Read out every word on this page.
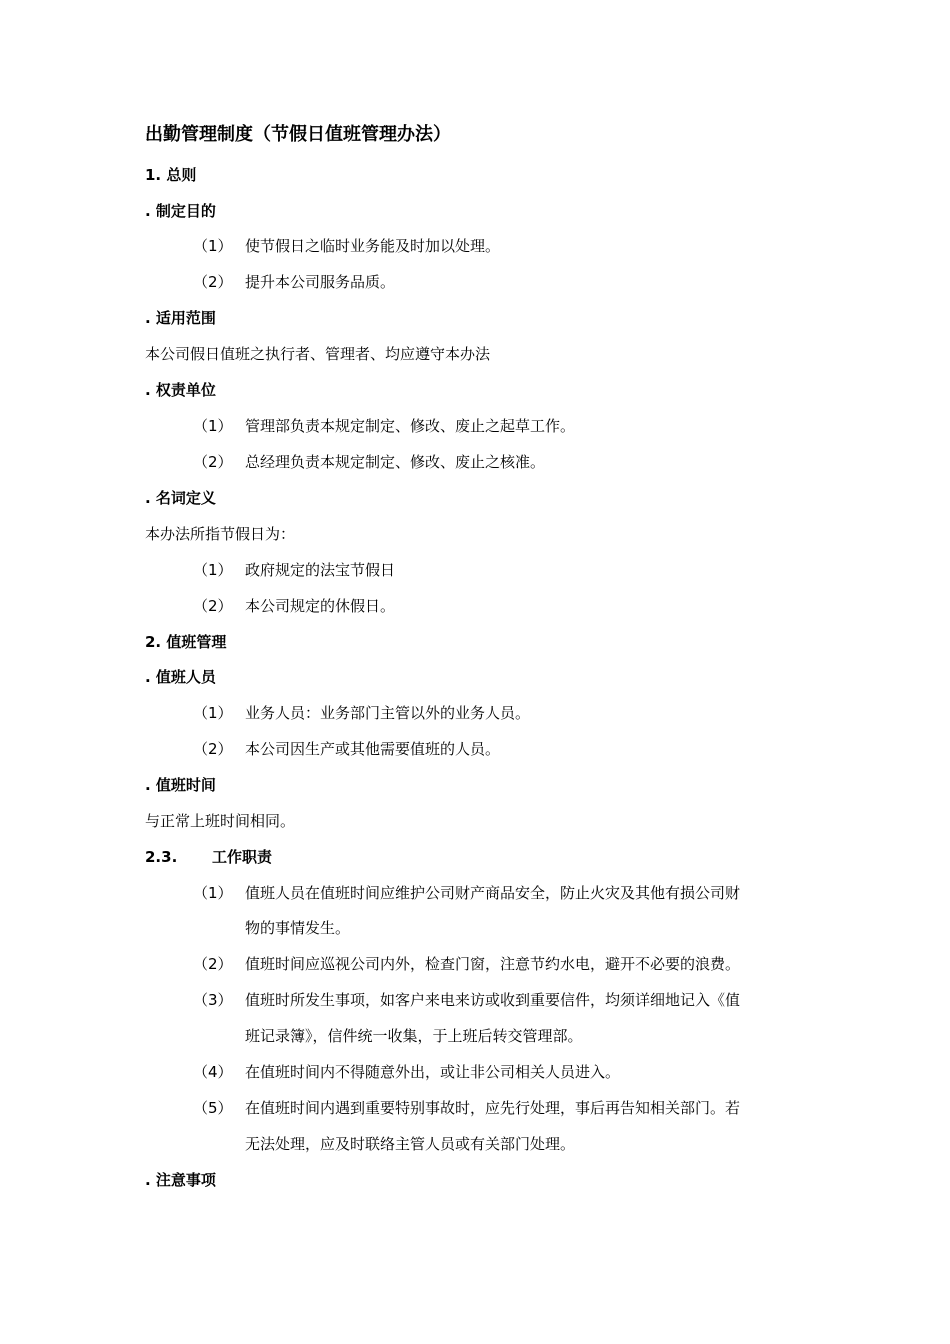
出勤管理制度（节假日值班管理办法）
1. 总则
. 制定目的
（1） 使节假日之临时业务能及时加以处理。
（2） 提升本公司服务品质。
. 适用范围
本公司假日值班之执行者、管理者、均应遵守本办法
. 权责单位
（1） 管理部负责本规定制定、修改、废止之起草工作。
（2） 总经理负责本规定制定、修改、废止之核准。
. 名词定义
本办法所指节假日为：
（1） 政府规定的法宝节假日
（2） 本公司规定的休假日。
2. 值班管理
. 值班人员
（1） 业务人员：业务部门主管以外的业务人员。
（2） 本公司因生产或其他需要值班的人员。
. 值班时间
与正常上班时间相同。
2.3. 工作职责
（1） 值班人员在值班时间应维护公司财产商品安全，防止火灾及其他有损公司财
物的事情发生。
（2） 值班时间应巡视公司内外，检查门窗，注意节约水电，避开不必要的浪费。
（3） 值班时所发生事项，如客户来电来访或收到重要信件，均须详细地记入《值
班记录簿》，信件统一收集，于上班后转交管理部。
（4） 在值班时间内不得随意外出，或让非公司相关人员进入。
（5） 在值班时间内遇到重要特别事故时，应先行处理，事后再告知相关部门。若
无法处理，应及时联络主管人员或有关部门处理。
. 注意事项
